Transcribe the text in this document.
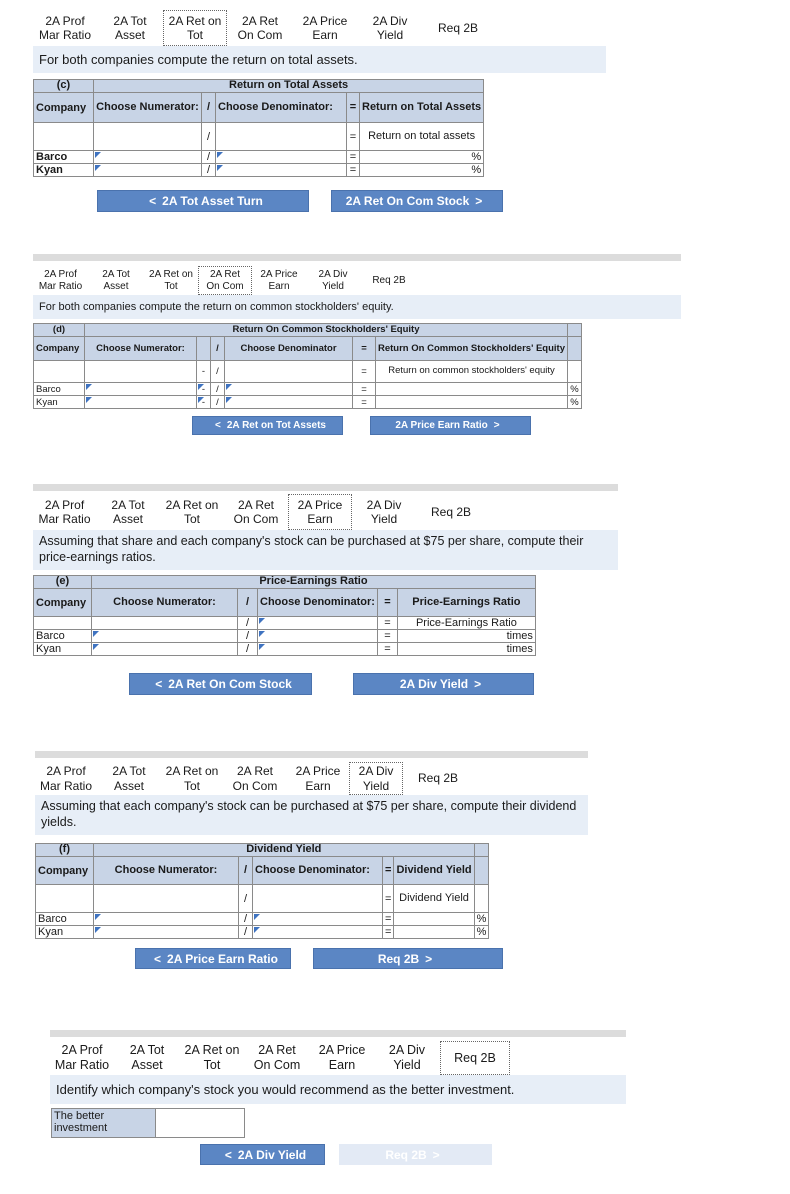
2A Prof
Mar Ratio
2A Tot
Asset
2A Ret on
Tot
2A Ret
On Com
2A Price
Earn
2A Div
Yield
Req 2B
For both companies compute the return on total assets.
(c)	Return on Total Assets				
Company	Choose Numerator:	/	Choose Denominator:	=	Return on Total Assets
		/		=	Return on total assets
Barco		/		=	%
Kyan		/		=	%
< 2A Tot Asset Turn	2A Ret On Com Stock >
2A Prof
Mar Ratio
2A Tot
Asset
2A Ret on
Tot
2A Ret
On Com
2A Price
Earn
2A Div
Yield
Req 2B
For both companies compute the return on common stockholders' equity.
(d)	Return On Common Stockholders' Equity						
Company	Choose Numerator:		/	Choose Denominator	=	Return On Common Stockholders' Equity	
		-	/		=	Return on common stockholders' equity	
Barco		-	/		=		%
Kyan		-	/		=		%
< 2A Ret on Tot Assets	2A Price Earn Ratio >
2A Prof
Mar Ratio
2A Tot
Asset
2A Ret on
Tot
2A Ret
On Com
2A Price
Earn
2A Div
Yield
Req 2B
Assuming that share and each company's stock can be purchased at $75 per share, compute their price-earnings ratios.
(e)	Price-Earnings Ratio				
Company	Choose Numerator:	/	Choose Denominator:	=	Price-Earnings Ratio
		/		=	Price-Earnings Ratio
Barco		/		=	times
Kyan		/		=	times
< 2A Ret On Com Stock	2A Div Yield >
2A Prof
Mar Ratio
2A Tot
Asset
2A Ret on
Tot
2A Ret
On Com
2A Price
Earn
2A Div
Yield
Req 2B
Assuming that each company's stock can be purchased at $75 per share, compute their dividend yields.
(f)	Dividend Yield					
Company	Choose Numerator:	/	Choose Denominator:	=	Dividend Yield	
		/		=	Dividend Yield	
Barco		/		=		%
Kyan		/		=		%
< 2A Price Earn Ratio	Req 2B >
2A Prof
Mar Ratio
2A Tot
Asset
2A Ret on
Tot
2A Ret
On Com
2A Price
Earn
2A Div
Yield
Req 2B
Identify which company's stock you would recommend as the better investment.
The better investment	
< 2A Div Yield	Req 2B >
